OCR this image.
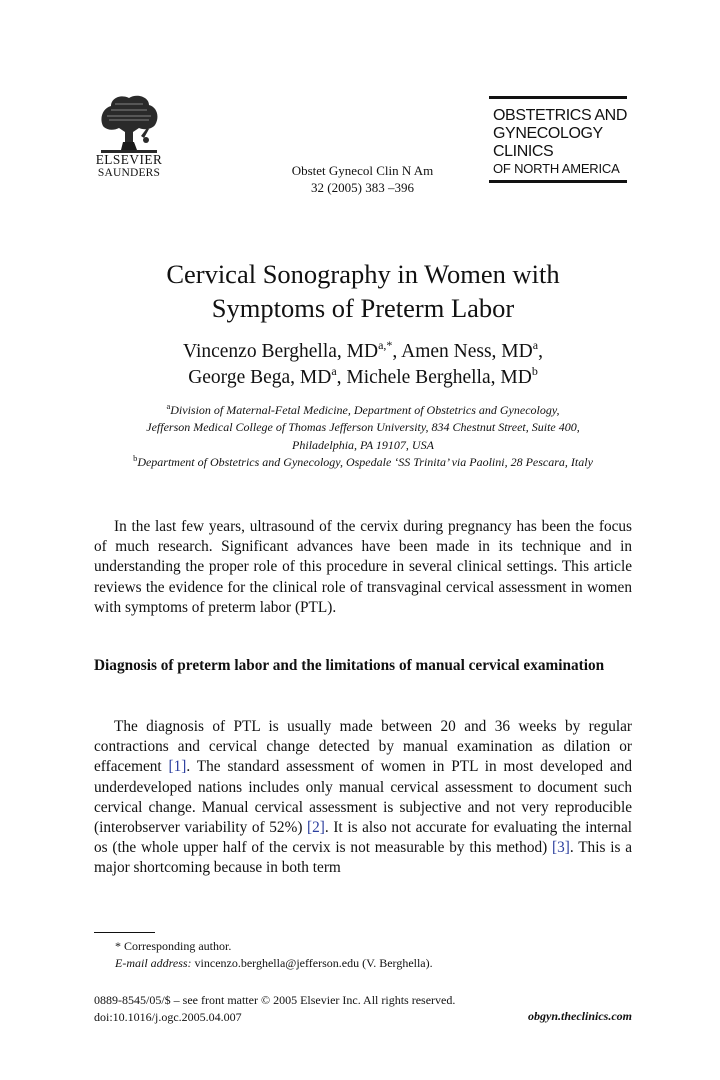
ELSEVIER
SAUNDERS	Obstet Gynecol Clin N Am
32 (2005) 383 –396
OBSTETRICS AND
GYNECOLOGY
CLINICS
OF NORTH AMERICA
Cervical Sonography in Women with
Symptoms of Preterm Labor
Vincenzo Berghella, $MD^{a,*}$, Amen Ness, $MD^a$,
George Bega, $MD^a$, Michele Berghella, $MD^b$
$^a$Division of Maternal-Fetal Medicine, Department of Obstetrics and Gynecology,
Jefferson Medical College of Thomas Jefferson University, 834 Chestnut Street, Suite 400,
Philadelphia, PA 19107, USA
$^b$Department of Obstetrics and Gynecology, Ospedale ‘SS Trinita’ via Paolini, 28 Pescara, Italy
In the last few years, ultrasound of the cervix during pregnancy has been the focus of much research. Significant advances have been made in its technique and in understanding the proper role of this procedure in several clinical settings. This article reviews the evidence for the clinical role of transvaginal cervical assessment in women with symptoms of preterm labor (PTL).
Diagnosis of preterm labor and the limitations of manual cervical examination
The diagnosis of PTL is usually made between 20 and 36 weeks by regular contractions and cervical change detected by manual examination as dilation or effacement [1]. The standard assessment of women in PTL in most developed and underdeveloped nations includes only manual cervical assessment to document such cervical change. Manual cervical assessment is subjective and not very reproducible (interobserver variability of 52%) [2]. It is also not accurate for evaluating the internal os (the whole upper half of the cervix is not measurable by this method) [3]. This is a major shortcoming because in both term
* Corresponding author.
E-mail address: vincenzo.berghella@jefferson.edu (V. Berghella).
0889-8545/05/$ – see front matter © 2005 Elsevier Inc. All rights reserved.
doi:10.1016/j.ogc.2005.04.007	obgyn.theclinics.com
